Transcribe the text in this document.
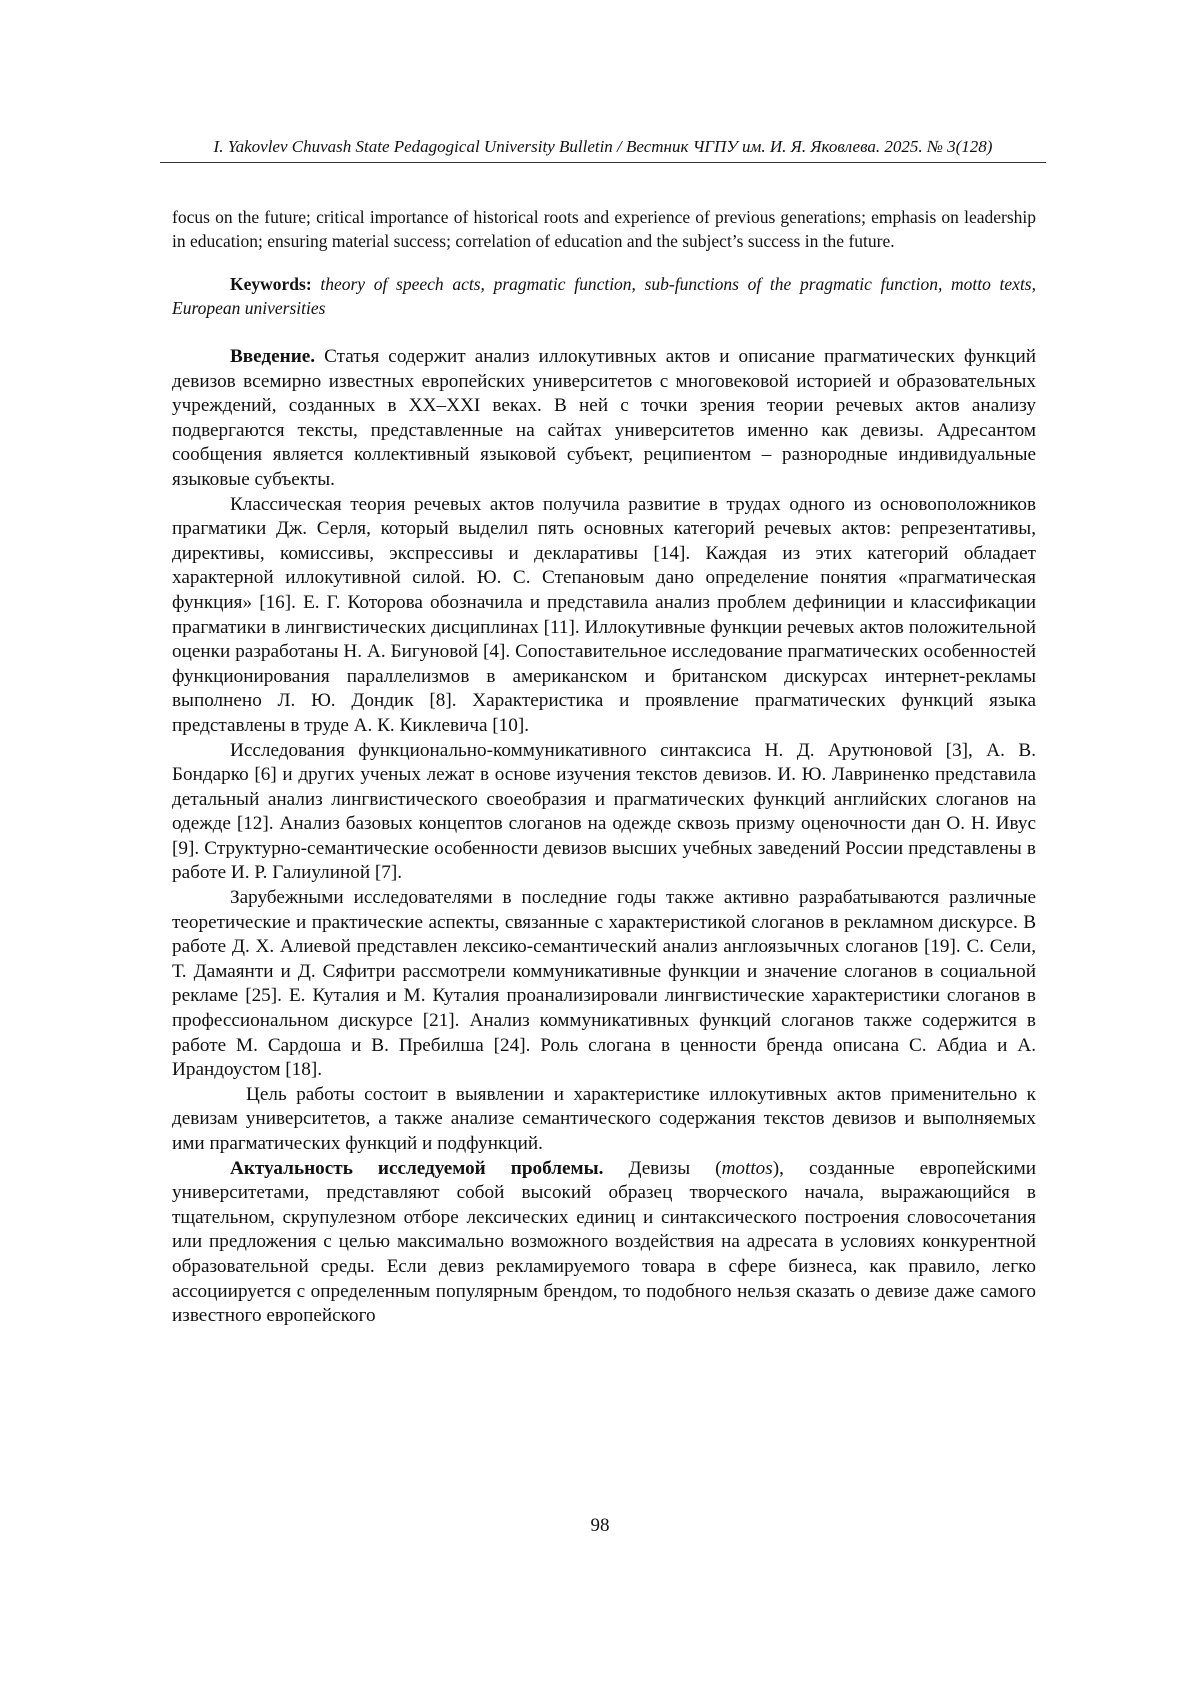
I. Yakovlev Chuvash State Pedagogical University Bulletin / Вестник ЧГПУ им. И. Я. Яковлева. 2025. № 3(128)

focus on the future; critical importance of historical roots and experience of previous generations; emphasis on leadership in education; ensuring material success; correlation of education and the subject’s success in the future.

Keywords: theory of speech acts, pragmatic function, sub-functions of the pragmatic function, motto texts, European universities

Введение. Статья содержит анализ иллокутивных актов и описание прагматических функций девизов всемирно известных европейских университетов с многовековой историей и образовательных учреждений, созданных в XX–XXI веках. В ней с точки зрения теории речевых актов анализу подвергаются тексты, представленные на сайтах университетов именно как девизы. Адресантом сообщения является коллективный языковой субъект, реципиентом – разнородные индивидуальные языковые субъекты.

Классическая теория речевых актов получила развитие в трудах одного из основоположников прагматики Дж. Серля, который выделил пять основных категорий речевых актов: репрезентативы, директивы, комиссивы, экспрессивы и декларативы [14]. Каждая из этих категорий обладает характерной иллокутивной силой. Ю. С. Степановым дано определение понятия «прагматическая функция» [16]. Е. Г. Которова обозначила и представила анализ проблем дефиниции и классификации прагматики в лингвистических дисциплинах [11]. Иллокутивные функции речевых актов положительной оценки разработаны Н. А. Бигуновой [4]. Сопоставительное исследование прагматических особенностей функционирования параллелизмов в американском и британском дискурсах интернет-рекламы выполнено Л. Ю. Дондик [8]. Характеристика и проявление прагматических функций языка представлены в труде А. К. Киклевича [10].

Исследования функционально-коммуникативного синтаксиса Н. Д. Арутюновой [3], А. В. Бондарко [6] и других ученых лежат в основе изучения текстов девизов. И. Ю. Лавриненко представила детальный анализ лингвистического своеобразия и прагматических функций английских слоганов на одежде [12]. Анализ базовых концептов слоганов на одежде сквозь призму оценочности дан О. Н. Ивус [9]. Структурно-семантические особенности девизов высших учебных заведений России представлены в работе И. Р. Галиулиной [7].

Зарубежными исследователями в последние годы также активно разрабатываются различные теоретические и практические аспекты, связанные с характеристикой слоганов в рекламном дискурсе. В работе Д. Х. Алиевой представлен лексико-семантический анализ англоязычных слоганов [19]. С. Сели, Т. Дамаянти и Д. Сяфитри рассмотрели коммуникативные функции и значение слоганов в социальной рекламе [25]. Е. Куталия и М. Куталия проанализировали лингвистические характеристики слоганов в профессиональном дискурсе [21]. Анализ коммуникативных функций слоганов также содержится в работе М. Сардоша и В. Пребилша [24]. Роль слогана в ценности бренда описана С. Абдиа и А. Ирандоустом [18].

Цель работы состоит в выявлении и характеристике иллокутивных актов применительно к девизам университетов, а также анализе семантического содержания текстов девизов и выполняемых ими прагматических функций и подфункций.

Актуальность исследуемой проблемы. Девизы (mottos), созданные европейскими университетами, представляют собой высокий образец творческого начала, выражающийся в тщательном, скрупулезном отборе лексических единиц и синтаксического построения словосочетания или предложения с целью максимально возможного воздействия на адресата в условиях конкурентной образовательной среды. Если девиз рекламируемого товара в сфере бизнеса, как правило, легко ассоциируется с определенным популярным брендом, то подобного нельзя сказать о девизе даже самого известного европейского

98
